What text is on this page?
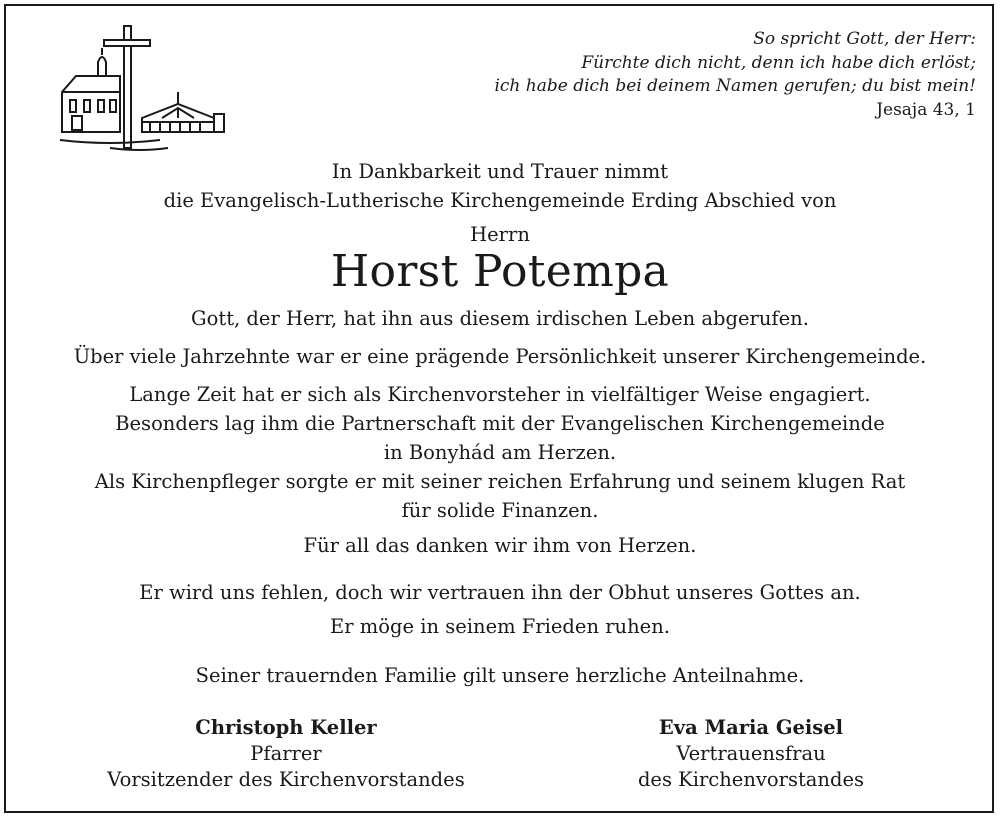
So spricht Gott, der Herr:
Fürchte dich nicht, denn ich habe dich erlöst;
ich habe dich bei deinem Namen gerufen; du bist mein!
Jesaja 43, 1
In Dankbarkeit und Trauer nimmt
die Evangelisch-Lutherische Kirchengemeinde Erding Abschied von
Herrn
Horst Potempa
Gott, der Herr, hat ihn aus diesem irdischen Leben abgerufen.
Über viele Jahrzehnte war er eine prägende Persönlichkeit unserer Kirchengemeinde.
Lange Zeit hat er sich als Kirchenvorsteher in vielfältiger Weise engagiert.
Besonders lag ihm die Partnerschaft mit der Evangelischen Kirchengemeinde
in Bonyhád am Herzen.
Als Kirchenpfleger sorgte er mit seiner reichen Erfahrung und seinem klugen Rat
für solide Finanzen.
Für all das danken wir ihm von Herzen.
Er wird uns fehlen, doch wir vertrauen ihn der Obhut unseres Gottes an.
Er möge in seinem Frieden ruhen.
Seiner trauernden Familie gilt unsere herzliche Anteilnahme.
Christoph Keller
Pfarrer
Vorsitzender des Kirchenvorstandes
Eva Maria Geisel
Vertrauensfrau
des Kirchenvorstandes
